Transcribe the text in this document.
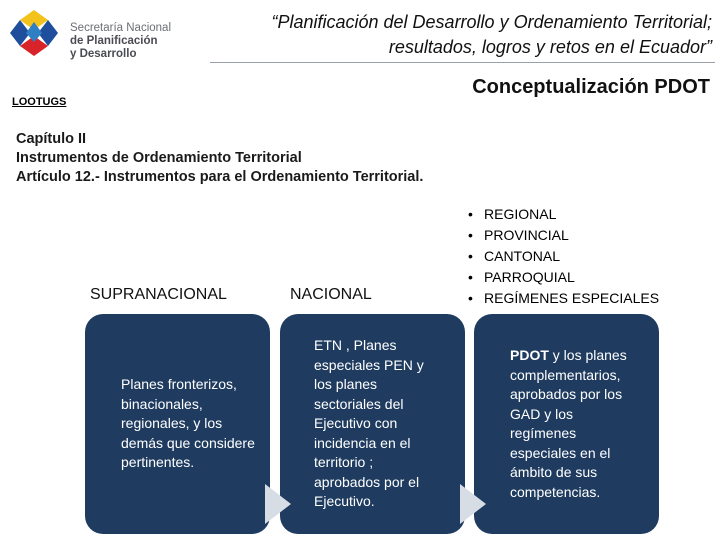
Secretaría Nacional
de Planificación
y Desarrollo
“Planificación del Desarrollo y Ordenamiento Territorial;
resultados, logros y retos en el Ecuador”
Conceptualización PDOT
LOOTUGS
Capítulo II
Instrumentos de Ordenamiento Territorial
Artículo 12.- Instrumentos para el Ordenamiento Territorial.
• REGIONAL
• PROVINCIAL
• CANTONAL
• PARROQUIAL
• REGÍMENES ESPECIALES
SUPRANACIONAL	NACIONAL

Planes fronterizos, binacionales, regionales, y los demás que considere pertinentes.

ETN , Planes especiales PEN y los planes sectoriales del Ejecutivo con incidencia en el territorio ; aprobados por el Ejecutivo.

PDOT y los planes complementarios, aprobados por los GAD y los regímenes especiales en el ámbito de sus competencias.
